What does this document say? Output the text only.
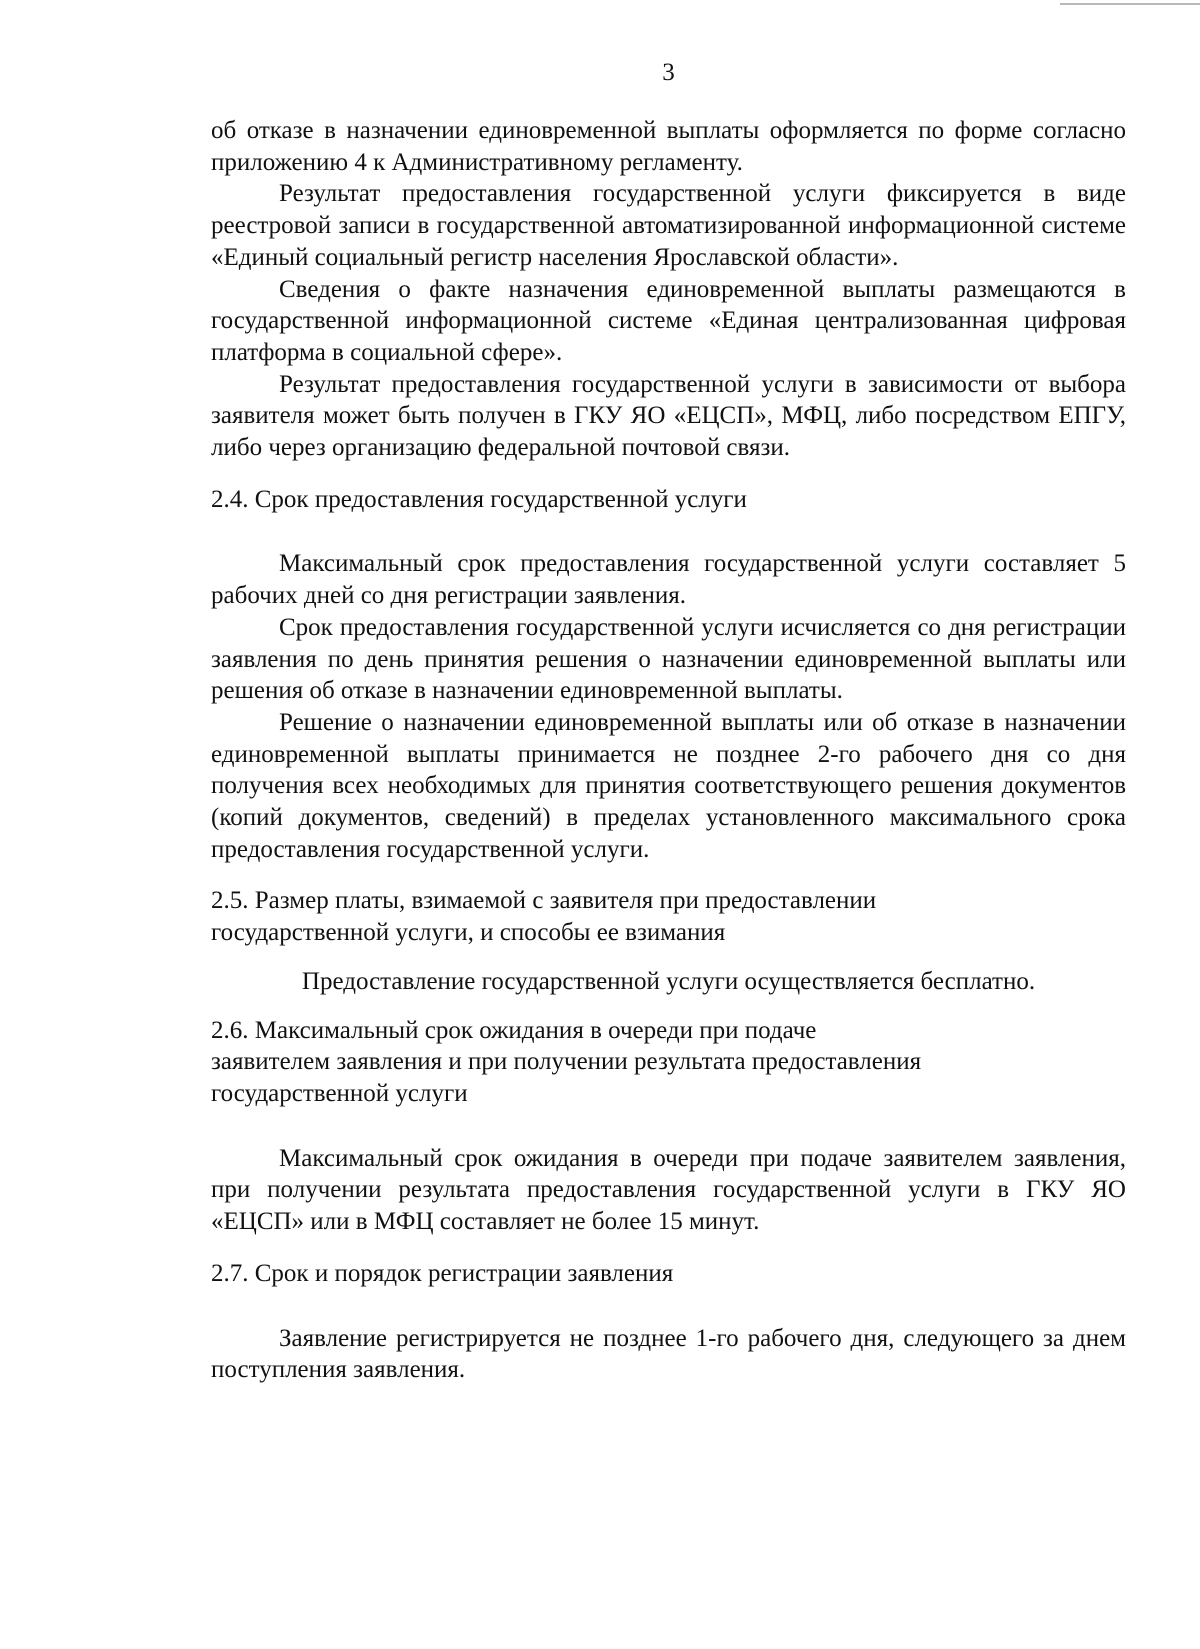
3

об отказе в назначении единовременной выплаты оформляется по форме согласно приложению 4 к Административному регламенту.

Результат предоставления государственной услуги фиксируется в виде реестровой записи в государственной автоматизированной информационной системе «Единый социальный регистр населения Ярославской области».

Сведения о факте назначения единовременной выплаты размещаются в государственной информационной системе «Единая централизованная цифровая платформа в социальной сфере».

Результат предоставления государственной услуги в зависимости от выбора заявителя может быть получен в ГКУ ЯО «ЕЦСП», МФЦ, либо посредством ЕПГУ, либо через организацию федеральной почтовой связи.

2.4. Срок предоставления государственной услуги

Максимальный срок предоставления государственной услуги составляет 5 рабочих дней со дня регистрации заявления.

Срок предоставления государственной услуги исчисляется со дня регистрации заявления по день принятия решения о назначении единовременной выплаты или решения об отказе в назначении единовременной выплаты.

Решение о назначении единовременной выплаты или об отказе в назначении единовременной выплаты принимается не позднее 2-го рабочего дня со дня получения всех необходимых для принятия соответствующего решения документов (копий документов, сведений) в пределах установленного максимального срока предоставления государственной услуги.

2.5. Размер платы, взимаемой с заявителя при предоставлении

государственной услуги, и способы ее взимания

Предоставление государственной услуги осуществляется бесплатно.

2.6. Максимальный срок ожидания в очереди при подаче

заявителем заявления и при получении результата предоставления

государственной услуги

Максимальный срок ожидания в очереди при подаче заявителем заявления, при получении результата предоставления государственной услуги в ГКУ ЯО «ЕЦСП» или в МФЦ составляет не более 15 минут.

2.7. Срок и порядок регистрации заявления

Заявление регистрируется не позднее 1-го рабочего дня, следующего за днем поступления заявления.
